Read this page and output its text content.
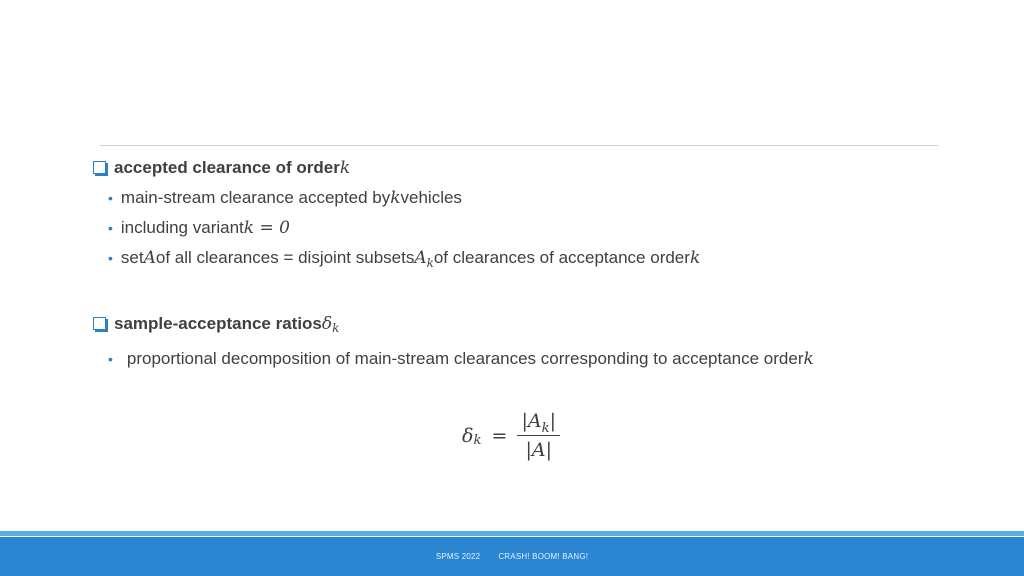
accepted clearance of order k
• main-stream clearance accepted by k vehicles
• including variant k = 0
• set A of all clearances = disjoint subsets A k of clearances of acceptance order k
sample-acceptance ratios δ k
• proportional decomposition of main-stream clearances corresponding to acceptance order k
δ $k = \frac{|A_k|}{|A|}$
SPMS 2022 CRASH! BOOM! BANG!
